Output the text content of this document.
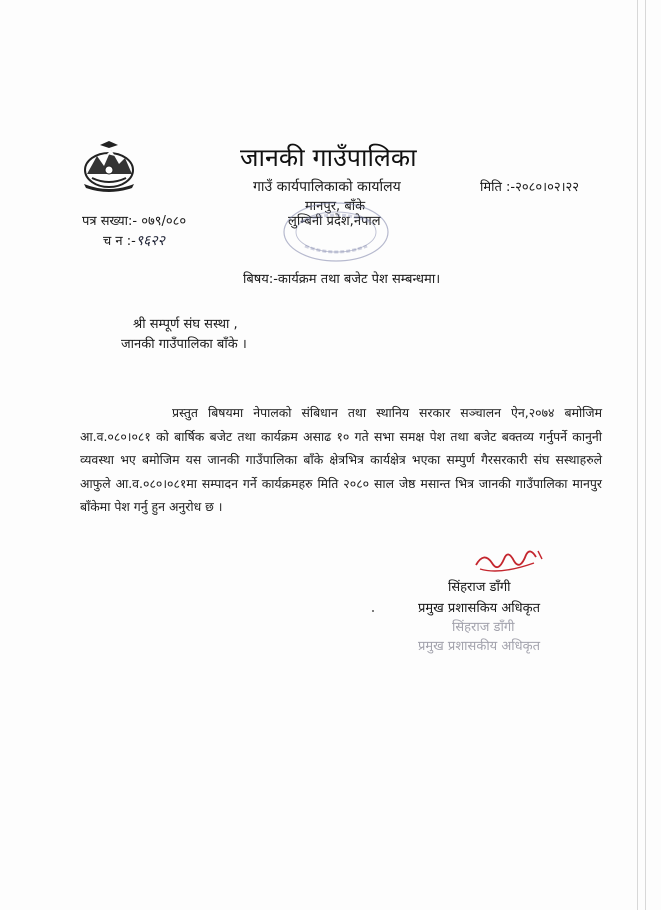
जानकी गाउँपालिका
गाउँ कार्यपालिकाको कार्यालय
मानपुर, बाँके
लुम्बिनी प्रदेश,नेपाल
मिति :-२०८०।०२।२२
पत्र सख्या:- ०७९/०८०
च न :-९६२२
बिषय:-कार्यक्रम तथा बजेट पेश सम्बन्धमा।
श्री सम्पूर्ण संघ सस्था ,
जानकी गाउँपालिका बाँके ।
प्रस्तुत बिषयमा नेपालको संबिधान तथा स्थानिय सरकार सञ्चालन ऐन,२०७४ बमोजिम आ.व.०८०।०८१ को बार्षिक बजेट तथा कार्यक्रम असाढ १० गते सभा समक्ष पेश तथा बजेट बक्तव्य गर्नुपर्ने कानुनी व्यवस्था भए बमोजिम यस जानकी गाउँपालिका बाँके क्षेत्रभित्र कार्यक्षेत्र भएका सम्पुर्ण गैरसरकारी संघ सस्थाहरुले आफुले आ.व.०८०।०८१मा सम्पादन गर्ने कार्यक्रमहरु मिति २०८० साल जेष्ठ मसान्त भित्र जानकी गाउँपालिका मानपुर बाँकेमा पेश गर्नु हुन अनुरोध छ ।
सिंहराज डाँगी
प्रमुख प्रशासकिय अधिकृत
सिंहराज डाँगी
प्रमुख प्रशासकीय अधिकृत
